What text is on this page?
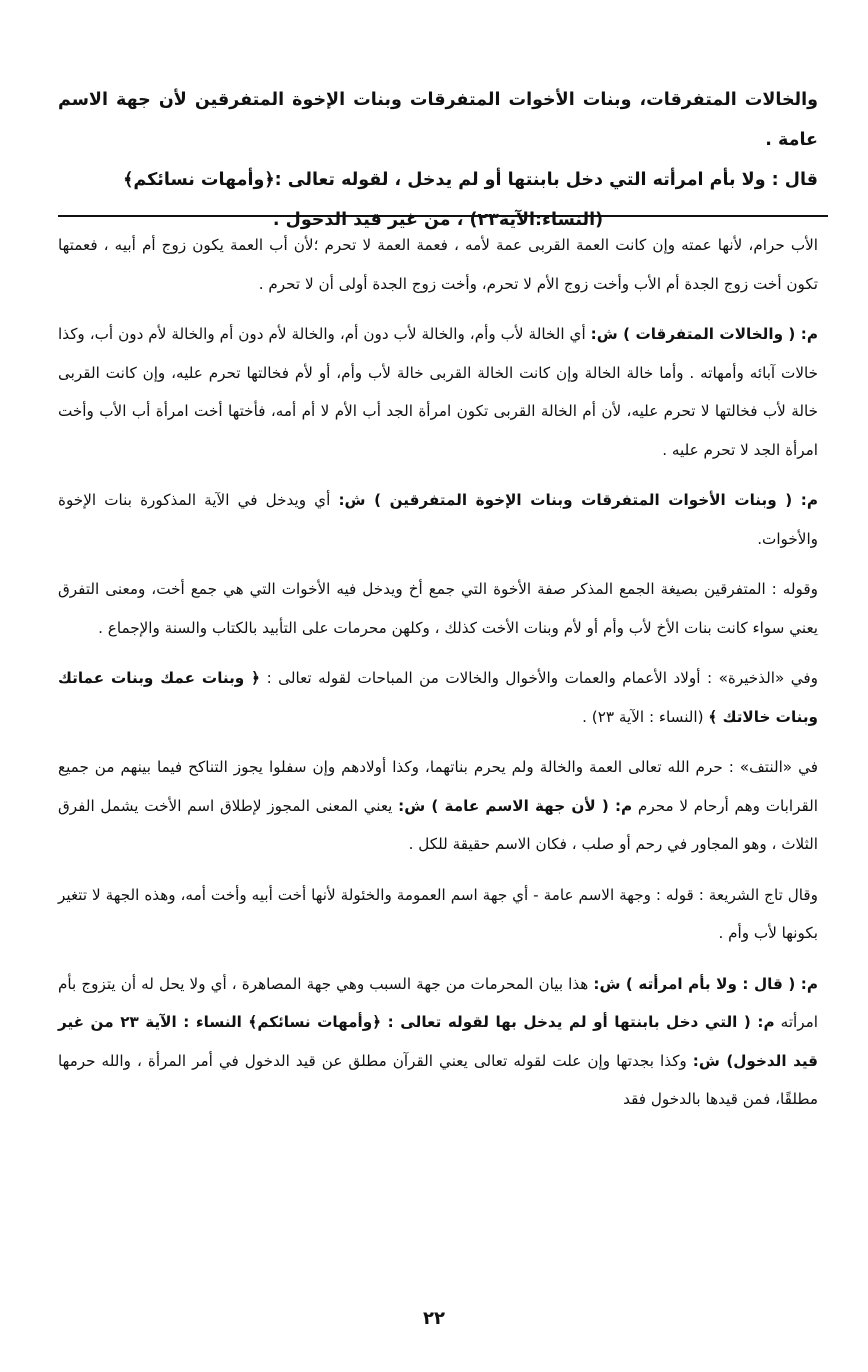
والخالات المتفرقات، وبنات الأخوات المتفرقات وبنات الإخوة المتفرقين لأن جهة الاسم عامة .

قال : ولا بأم امرأته التي دخل بابنتها أو لم يدخل ، لقوله تعالى :﴿وأمهات نسائكم﴾

(النساء:الآية٢٣) ، من غير قيد الدخول .

الأب حرام، لأنها عمته وإن كانت العمة القربى عمة لأمه ، فعمة العمة لا تحرم ؛لأن أب العمة يكون زوج أم أبيه ، فعمتها تكون أخت زوج الجدة أم الأب وأخت زوج الأم لا تحرم، وأخت زوج الجدة أولى أن لا تحرم .

م: ( والخالات المتفرقات ) ش: أي الخالة لأب وأم، والخالة لأب دون أم، والخالة لأم دون أم والخالة لأم دون أب، وكذا خالات آبائه وأمهاته . وأما خالة الخالة وإن كانت الخالة القربى خالة لأب وأم، أو لأم فخالتها تحرم عليه، وإن كانت القربى خالة لأب فخالتها لا تحرم عليه، لأن أم الخالة القربى تكون امرأة الجد أب الأم لا أم أمه، فأختها أخت امرأة أب الأب وأخت امرأة الجد لا تحرم عليه .

م: ( وبنات الأخوات المتفرقات وبنات الإخوة المتفرقين ) ش: أي ويدخل في الآية المذكورة بنات الإخوة والأخوات.

وقوله : المتفرقين بصيغة الجمع المذكر صفة الأخوة التي جمع أخ ويدخل فيه الأخوات التي هي جمع أخت، ومعنى التفرق يعني سواء كانت بنات الأخ لأب وأم أو لأم وبنات الأخت كذلك ، وكلهن محرمات على التأبيد بالكتاب والسنة والإجماع .

وفي «الذخيرة» : أولاد الأعمام والعمات والأخوال والخالات من المباحات لقوله تعالى : ﴿ وبنات عمك وبنات عماتك وبنات خالاتك ﴾ (النساء : الآية ٢٣) .

في «النتف» : حرم الله تعالى العمة والخالة ولم يحرم بناتهما، وكذا أولادهم وإن سفلوا يجوز التناكح فيما بينهم من جميع القرابات وهم أرحام لا محرم م: ( لأن جهة الاسم عامة ) ش: يعني المعنى المجوز لإطلاق اسم الأخت يشمل الفرق الثلاث ، وهو المجاور في رحم أو صلب ، فكان الاسم حقيقة للكل .

وقال تاج الشريعة : قوله : وجهة الاسم عامة - أي جهة اسم العمومة والخئولة لأنها أخت أبيه وأخت أمه، وهذه الجهة لا تتغير بكونها لأب وأم .

م: ( قال : ولا بأم امرأته ) ش: هذا بيان المحرمات من جهة السبب وهي جهة المصاهرة ، أي ولا يحل له أن يتزوج بأم امرأته م: ( التي دخل بابنتها أو لم يدخل بها لقوله تعالى : ﴿وأمهات نسائكم﴾ النساء : الآية ٢٣ من غير قيد الدخول) ش: وكذا بجدتها وإن علت لقوله تعالى يعني القرآن مطلق عن قيد الدخول في أمر المرأة ، والله حرمها مطلقًا، فمن قيدها بالدخول فقد

٢٢
